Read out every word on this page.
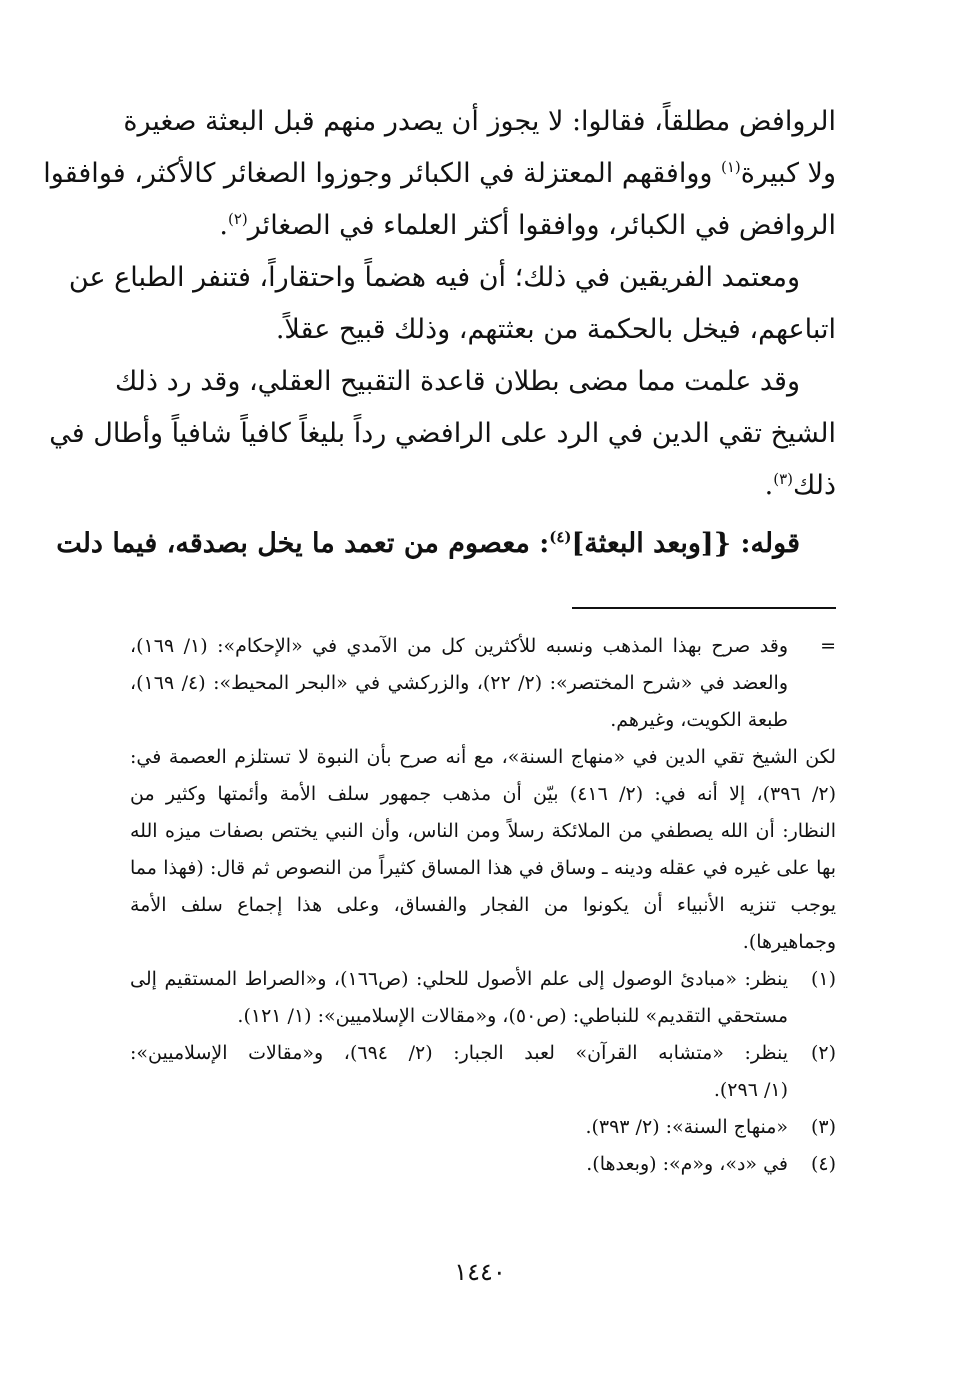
الروافض مطلقاً، فقالوا: لا يجوز أن يصدر منهم قبل البعثة صغيرة
ولا كبيرة$^{(١)}$ ووافقهم المعتزلة في الكبائر وجوزوا الصغائر كالأكثر، فوافقوا
الروافض في الكبائر، ووافقوا أكثر العلماء في الصغائر$^{(٢)}$.
ومعتمد الفريقين في ذلك؛ أن فيه هضماً واحتقاراً، فتنفر الطباع عن
اتباعهم، فيخل بالحكمة من بعثتهم، وذلك قبيح عقلاً.
وقد علمت مما مضى بطلان قاعدة التقبيح العقلي، وقد رد ذلك
الشيخ تقي الدين في الرد على الرافضي رداً بليغاً كافياً شافياً وأطال في
ذلك$^{(٣)}$.
قوله: {[وبعد البعثة]$^{(٤)}$: معصوم من تعمد ما يخل بصدقه، فيما دلت
=
وقد صرح بهذا المذهب ونسبه للأكثرين كل من الآمدي في «الإحكام»: (١/ ١٦٩)،
والعضد في «شرح المختصر»: (٢/ ٢٢)، والزركشي في «البحر المحيط»: (٤/ ١٦٩)،
طبعة الكويت، وغيرهم.
لكن الشيخ تقي الدين في «منهاج السنة»، مع أنه صرح بأن النبوة لا تستلزم العصمة في:
(٢/ ٣٩٦)، إلا أنه في: (٢/ ٤١٦) بيّن أن مذهب جمهور سلف الأمة وأئمتها وكثير من
النظار: أن الله يصطفي من الملائكة رسلاً ومن الناس، وأن النبي يختص بصفات ميزه الله
بها على غيره في عقله ودينه ـ وساق في هذا المساق كثيراً من النصوص ثم قال: (فهذا مما
يوجب تنزيه الأنبياء أن يكونوا من الفجار والفساق، وعلى هذا إجماع سلف الأمة
وجماهيرها).
(١)
ينظر: «مبادئ الوصول إلى علم الأصول للحلي: (ص١٦٦)، و«الصراط المستقيم إلى
مستحقي التقديم» للنباطي: (ص٥٠)، و«مقالات الإسلاميين»: (١/ ١٢١).
(٢)
ينظر: «متشابه القرآن» لعبد الجبار: (٢/ ٦٩٤)، و«مقالات الإسلاميين»:
(١/ ٢٩٦).
(٣)
«منهاج السنة»: (٢/ ٣٩٣).
(٤)
في «د»، و«م»: (وبعدها).
١٤٤٠
